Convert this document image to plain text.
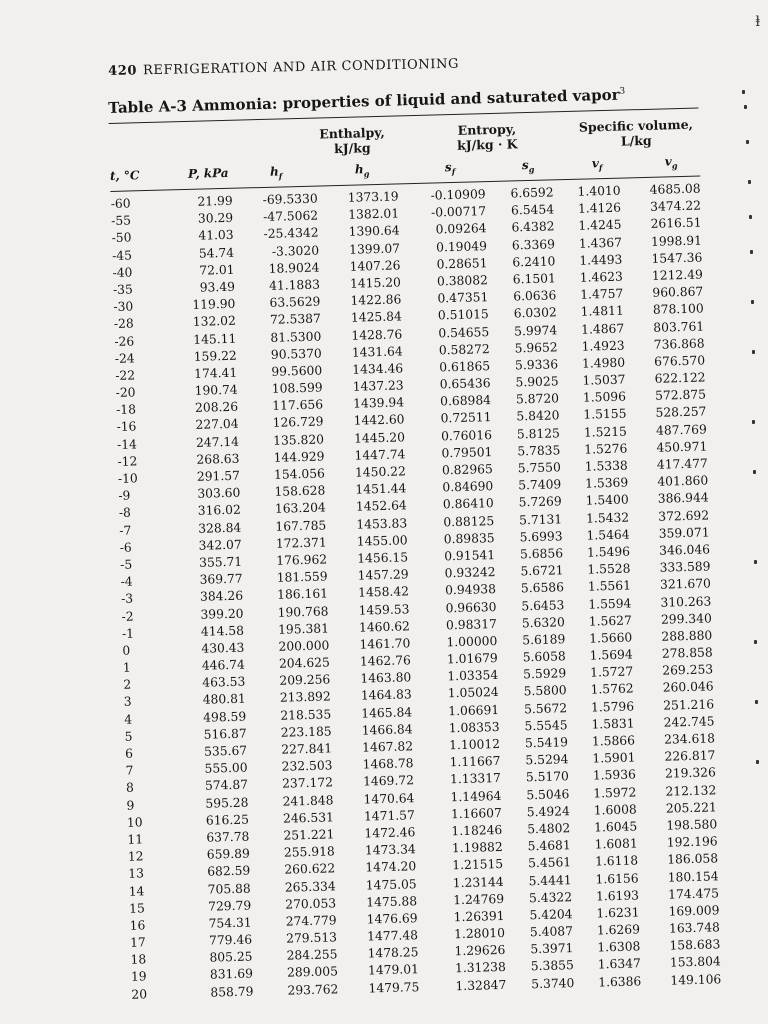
ⱡ
420 REFRIGERATION AND AIR CONDITIONING
Table A-3 Ammonia: properties of liquid and saturated vapor$^3$
Enthalpy,
kJ/kg
Entropy,
kJ/kg · K
Specific volume,
L/kg
t, °C	P, kPa	$h_f$	$h_g$	$s_f$	$s_g$	$v_f$	$v_g$
-60	21.99	-69.5330	1373.19	-0.10909	6.6592	1.4010	4685.08
-55	30.29	-47.5062	1382.01	-0.00717	6.5454	1.4126	3474.22
-50	41.03	-25.4342	1390.64	0.09264	6.4382	1.4245	2616.51
-45	54.74	-3.3020	1399.07	0.19049	6.3369	1.4367	1998.91
-40	72.01	18.9024	1407.26	0.28651	6.2410	1.4493	1547.36
-35	93.49	41.1883	1415.20	0.38082	6.1501	1.4623	1212.49
-30	119.90	63.5629	1422.86	0.47351	6.0636	1.4757	960.867
-28	132.02	72.5387	1425.84	0.51015	6.0302	1.4811	878.100
-26	145.11	81.5300	1428.76	0.54655	5.9974	1.4867	803.761
-24	159.22	90.5370	1431.64	0.58272	5.9652	1.4923	736.868
-22	174.41	99.5600	1434.46	0.61865	5.9336	1.4980	676.570
-20	190.74	108.599	1437.23	0.65436	5.9025	1.5037	622.122
-18	208.26	117.656	1439.94	0.68984	5.8720	1.5096	572.875
-16	227.04	126.729	1442.60	0.72511	5.8420	1.5155	528.257
-14	247.14	135.820	1445.20	0.76016	5.8125	1.5215	487.769
-12	268.63	144.929	1447.74	0.79501	5.7835	1.5276	450.971
-10	291.57	154.056	1450.22	0.82965	5.7550	1.5338	417.477
-9	303.60	158.628	1451.44	0.84690	5.7409	1.5369	401.860
-8	316.02	163.204	1452.64	0.86410	5.7269	1.5400	386.944
-7	328.84	167.785	1453.83	0.88125	5.7131	1.5432	372.692
-6	342.07	172.371	1455.00	0.89835	5.6993	1.5464	359.071
-5	355.71	176.962	1456.15	0.91541	5.6856	1.5496	346.046
-4	369.77	181.559	1457.29	0.93242	5.6721	1.5528	333.589
-3	384.26	186.161	1458.42	0.94938	5.6586	1.5561	321.670
-2	399.20	190.768	1459.53	0.96630	5.6453	1.5594	310.263
-1	414.58	195.381	1460.62	0.98317	5.6320	1.5627	299.340
0	430.43	200.000	1461.70	1.00000	5.6189	1.5660	288.880
1	446.74	204.625	1462.76	1.01679	5.6058	1.5694	278.858
2	463.53	209.256	1463.80	1.03354	5.5929	1.5727	269.253
3	480.81	213.892	1464.83	1.05024	5.5800	1.5762	260.046
4	498.59	218.535	1465.84	1.06691	5.5672	1.5796	251.216
5	516.87	223.185	1466.84	1.08353	5.5545	1.5831	242.745
6	535.67	227.841	1467.82	1.10012	5.5419	1.5866	234.618
7	555.00	232.503	1468.78	1.11667	5.5294	1.5901	226.817
8	574.87	237.172	1469.72	1.13317	5.5170	1.5936	219.326
9	595.28	241.848	1470.64	1.14964	5.5046	1.5972	212.132
10	616.25	246.531	1471.57	1.16607	5.4924	1.6008	205.221
11	637.78	251.221	1472.46	1.18246	5.4802	1.6045	198.580
12	659.89	255.918	1473.34	1.19882	5.4681	1.6081	192.196
13	682.59	260.622	1474.20	1.21515	5.4561	1.6118	186.058
14	705.88	265.334	1475.05	1.23144	5.4441	1.6156	180.154
15	729.79	270.053	1475.88	1.24769	5.4322	1.6193	174.475
16	754.31	274.779	1476.69	1.26391	5.4204	1.6231	169.009
17	779.46	279.513	1477.48	1.28010	5.4087	1.6269	163.748
18	805.25	284.255	1478.25	1.29626	5.3971	1.6308	158.683
19	831.69	289.005	1479.01	1.31238	5.3855	1.6347	153.804
20	858.79	293.762	1479.75	1.32847	5.3740	1.6386	149.106
